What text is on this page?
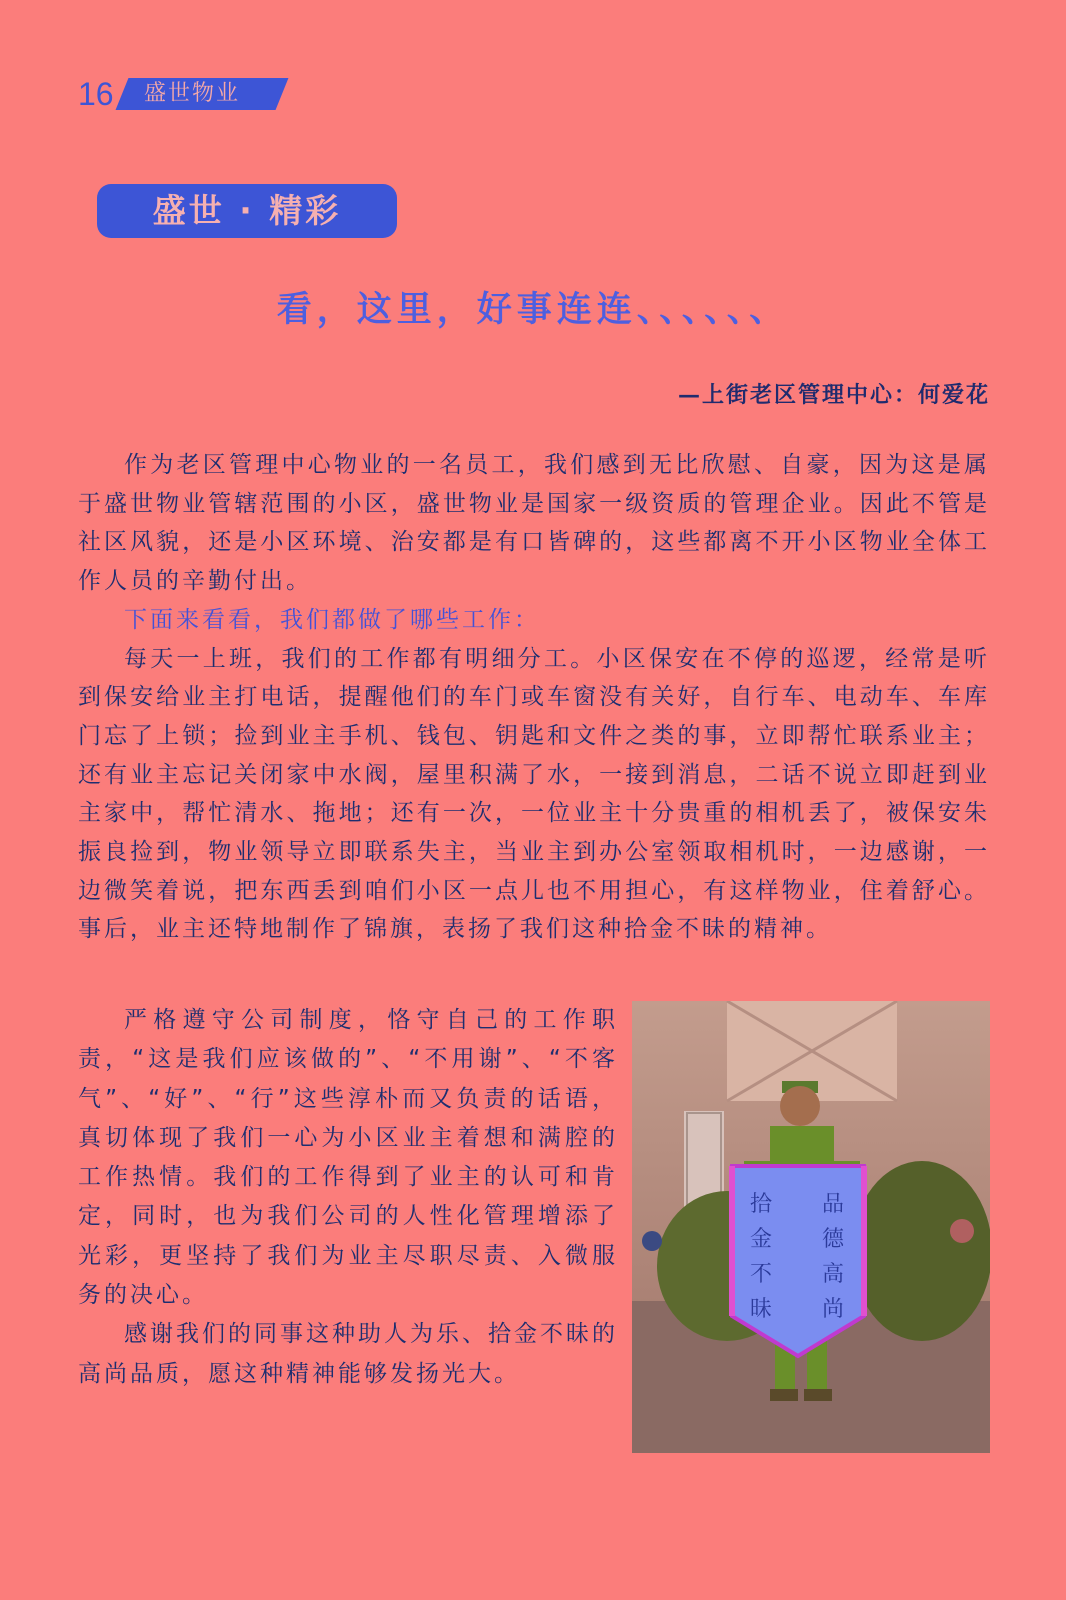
16 盛世物业
盛世 · 精彩
看，这里，好事连连、、、、、、
—上街老区管理中心：何爱花

作为老区管理中心物业的一名员工，我们感到无比欣慰、自豪，因为这是属于盛世物业管辖范围的小区，盛世物业是国家一级资质的管理企业。因此不管是社区风貌，还是小区环境、治安都是有口皆碑的，这些都离不开小区物业全体工作人员的辛勤付出。

下面来看看，我们都做了哪些工作：

每天一上班，我们的工作都有明细分工。小区保安在不停的巡逻，经常是听到保安给业主打电话，提醒他们的车门或车窗没有关好，自行车、电动车、车库门忘了上锁；捡到业主手机、钱包、钥匙和文件之类的事，立即帮忙联系业主；还有业主忘记关闭家中水阀，屋里积满了水，一接到消息，二话不说立即赶到业主家中，帮忙清水、拖地；还有一次，一位业主十分贵重的相机丢了，被保安朱振良捡到，物业领导立即联系失主，当业主到办公室领取相机时，一边感谢，一边微笑着说，把东西丢到咱们小区一点儿也不用担心，有这样物业，住着舒心。事后，业主还特地制作了锦旗，表扬了我们这种拾金不昧的精神。

严格遵守公司制度，恪守自己的工作职责，“这是我们应该做的”、“不用谢”、“不客气”、“好”、“行”这些淳朴而又负责的话语，真切体现了我们一心为小区业主着想和满腔的工作热情。我们的工作得到了业主的认可和肯定，同时，也为我们公司的人性化管理增添了光彩，更坚持了我们为业主尽职尽责、入微服务的决心。

感谢我们的同事这种助人为乐、拾金不昧的高尚品质，愿这种精神能够发扬光大。

拾
金
不
昧
品
德
高
尚
